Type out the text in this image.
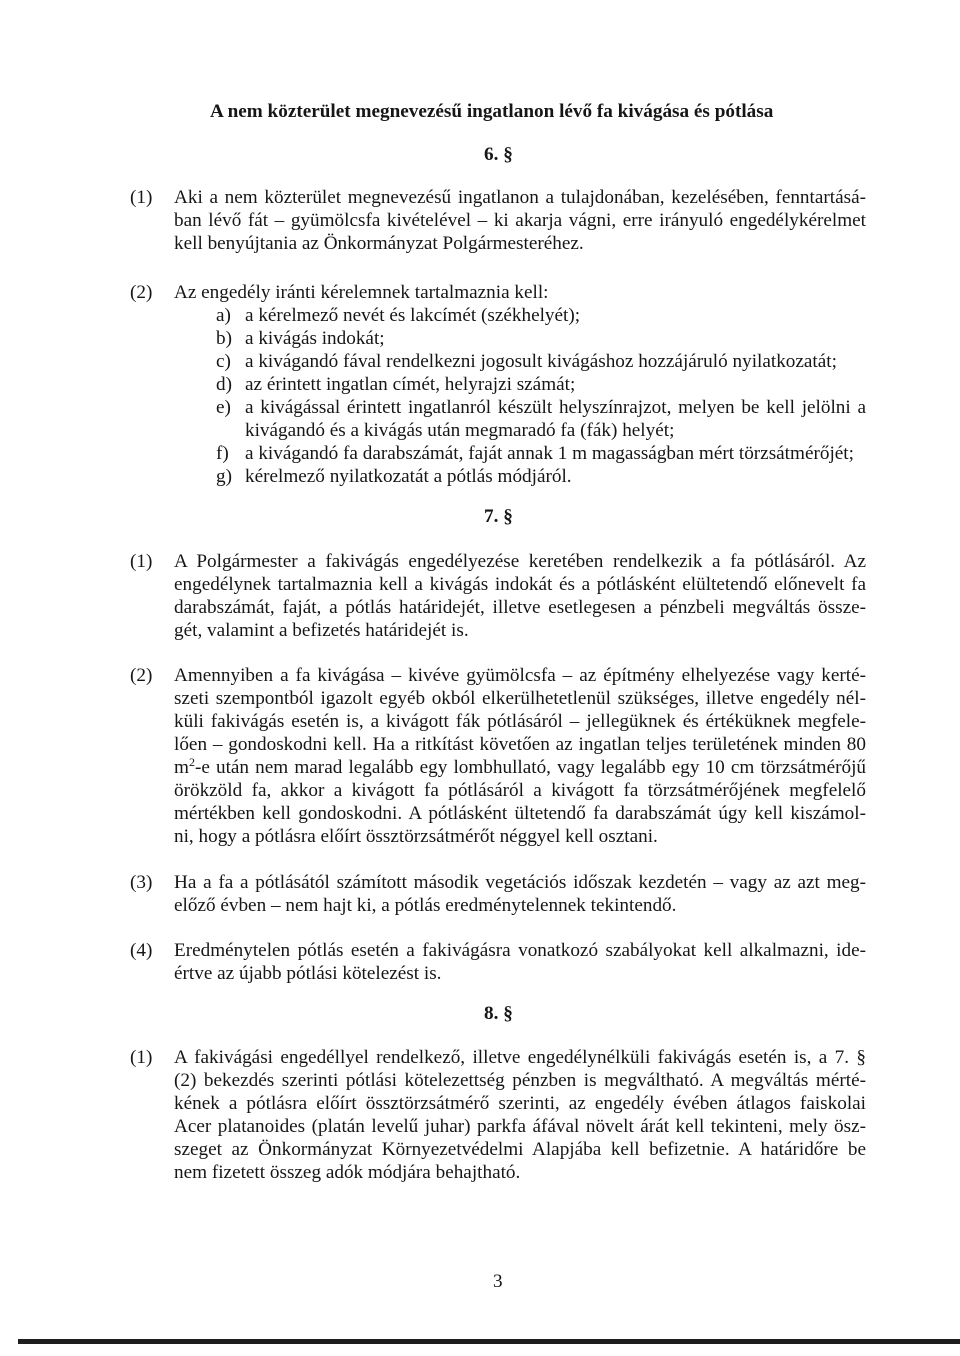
A nem közterület megnevezésű ingatlanon lévő fa kivágása és pótlása
6. §
(1) Aki a nem közterület megnevezésű ingatlanon a tulajdonában, kezelésében, fenntartásá-
ban lévő fát – gyümölcsfa kivételével – ki akarja vágni, erre irányuló engedélykérelmet
kell benyújtania az Önkormányzat Polgármesteréhez.
(2) Az engedély iránti kérelemnek tartalmaznia kell:
a) a kérelmező nevét és lakcímét (székhelyét);
b) a kivágás indokát;
c) a kivágandó fával rendelkezni jogosult kivágáshoz hozzájáruló nyilatkozatát;
d) az érintett ingatlan címét, helyrajzi számát;
e) a kivágással érintett ingatlanról készült helyszínrajzot, melyen be kell jelölni a
kivágandó és a kivágás után megmaradó fa (fák) helyét;
f) a kivágandó fa darabszámát, faját annak 1 m magasságban mért törzsátmérőjét;
g) kérelmező nyilatkozatát a pótlás módjáról.
7. §
(1) A Polgármester a fakivágás engedélyezése keretében rendelkezik a fa pótlásáról. Az
engedélynek tartalmaznia kell a kivágás indokát és a pótlásként elültetendő előnevelt fa
darabszámát, faját, a pótlás határidejét, illetve esetlegesen a pénzbeli megváltás össze-
gét, valamint a befizetés határidejét is.
(2) Amennyiben a fa kivágása – kivéve gyümölcsfa – az építmény elhelyezése vagy kerté-
szeti szempontból igazolt egyéb okból elkerülhetetlenül szükséges, illetve engedély nél-
küli fakivágás esetén is, a kivágott fák pótlásáról – jellegüknek és értéküknek megfele-
lően – gondoskodni kell. Ha a ritkítást követően az ingatlan teljes területének minden 80
$m^2-e$ után nem marad legalább egy lombhullató, vagy legalább egy 10 cm törzsátmérőjű
örökzöld fa, akkor a kivágott fa pótlásáról a kivágott fa törzsátmérőjének megfelelő
mértékben kell gondoskodni. A pótlásként ültetendő fa darabszámát úgy kell kiszámol-
ni, hogy a pótlásra előírt össztörzsátmérőt néggyel kell osztani.
(3) Ha a fa a pótlásától számított második vegetációs időszak kezdetén – vagy az azt meg-
előző évben – nem hajt ki, a pótlás eredménytelennek tekintendő.
(4) Eredménytelen pótlás esetén a fakivágásra vonatkozó szabályokat kell alkalmazni, ide-
értve az újabb pótlási kötelezést is.
8. §
(1) A fakivágási engedéllyel rendelkező, illetve engedélynélküli fakivágás esetén is, a 7. §
(2) bekezdés szerinti pótlási kötelezettség pénzben is megváltható. A megváltás mérté-
kének a pótlásra előírt össztörzsátmérő szerinti, az engedély évében átlagos faiskolai
Acer platanoides (platán levelű juhar) parkfa áfával növelt árát kell tekinteni, mely ösz-
szeget az Önkormányzat Környezetvédelmi Alapjába kell befizetnie. A határidőre be
nem fizetett összeg adók módjára behajtható.
3
